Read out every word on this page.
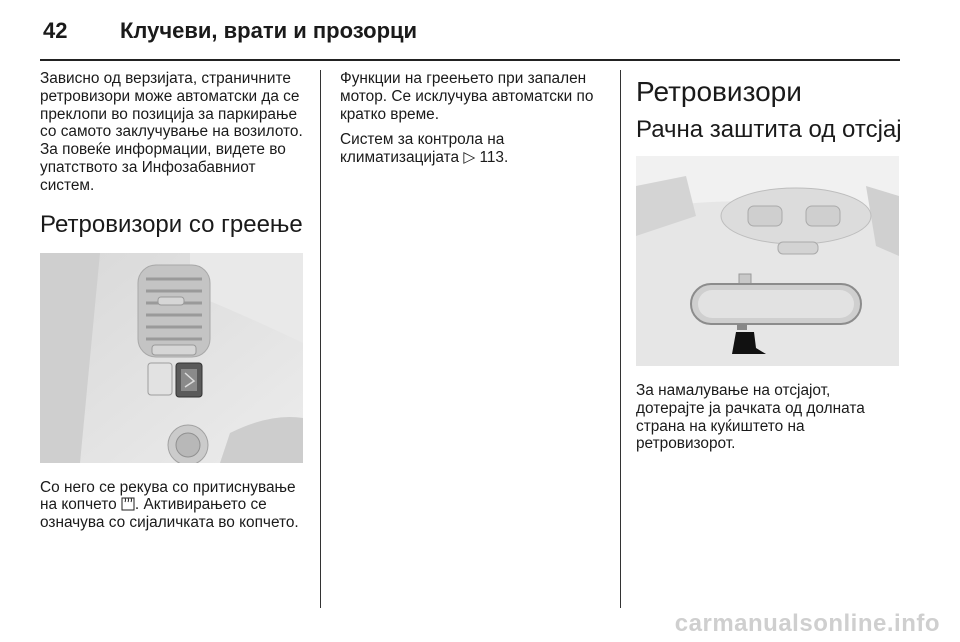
42 Клучеви, врати и прозорци

Зависно од верзијата, страничните ретровизори може автоматски да се преклопи во позиција за паркирање со самото заклучување на возилото. За повеќе информации, видете во упатството за Инфозабавниот систем.

Ретровизори со греење

Со него се рекува со притиснување на копчето . Активирањето се означува со сијаличката во копчето.

Функции на греењето при запален мотор. Се исклучува автоматски по кратко време.

Систем за контрола на климатизацијата ▷ 113.

Ретровизори
Рачна заштита од отсјај

За намалување на отсјајот, дотерајте ја рачката од долната страна на куќиштето на ретровизорот.

carmanualsonline.info
